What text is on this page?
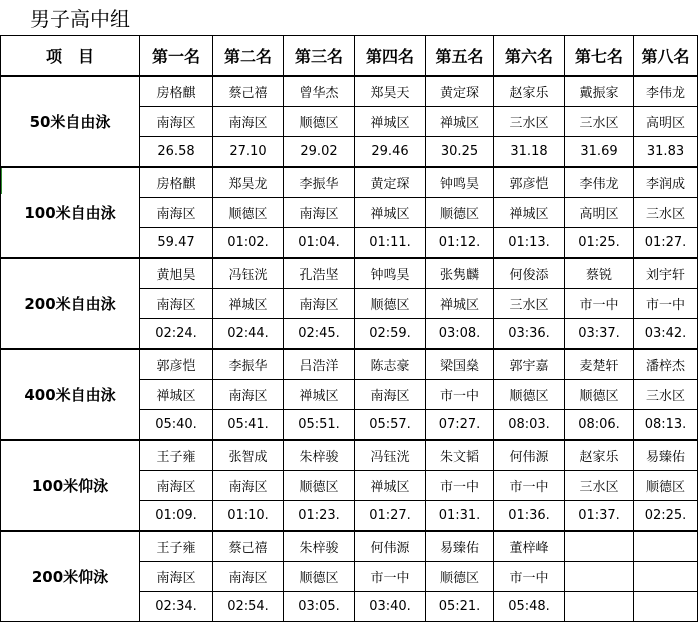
男子高中组
项　目	第一名	第二名	第三名	第四名	第五名	第六名	第七名	第八名
50米自由泳	房格麒	蔡己禧	曾华杰	郑昊天	黄定琛	赵家乐	戴振家	李伟龙
	南海区	南海区	顺德区	禅城区	禅城区	三水区	三水区	高明区
	26.58	27.10	29.02	29.46	30.25	31.18	31.69	31.83
100米自由泳	房格麒	郑昊龙	李振华	黄定琛	钟鸣昊	郭彦恺	李伟龙	李润成
	南海区	顺德区	南海区	禅城区	顺德区	禅城区	高明区	三水区
	59.47	01:02.	01:04.	01:11.	01:12.	01:13.	01:25.	01:27.
200米自由泳	黄旭昊	冯钰洸	孔浩坚	钟鸣昊	张隽麟	何俊添	蔡锐	刘宇轩
	南海区	禅城区	南海区	顺德区	禅城区	三水区	市一中	市一中
	02:24.	02:44.	02:45.	02:59.	03:08.	03:36.	03:37.	03:42.
400米自由泳	郭彦恺	李振华	吕浩洋	陈志豪	梁国燊	郭宇嘉	麦楚轩	潘梓杰
	禅城区	南海区	禅城区	南海区	市一中	顺德区	顺德区	三水区
	05:40.	05:41.	05:51.	05:57.	07:27.	08:03.	08:06.	08:13.
100米仰泳	王子雍	张智成	朱梓骏	冯钰洸	朱文韬	何伟源	赵家乐	易臻佑
	南海区	南海区	顺德区	禅城区	市一中	市一中	三水区	顺德区
	01:09.	01:10.	01:23.	01:27.	01:31.	01:36.	01:37.	02:25.
200米仰泳	王子雍	蔡己禧	朱梓骏	何伟源	易臻佑	董梓峰		
	南海区	南海区	顺德区	市一中	顺德区	市一中		
	02:34.	02:54.	03:05.	03:40.	05:21.	05:48.		
